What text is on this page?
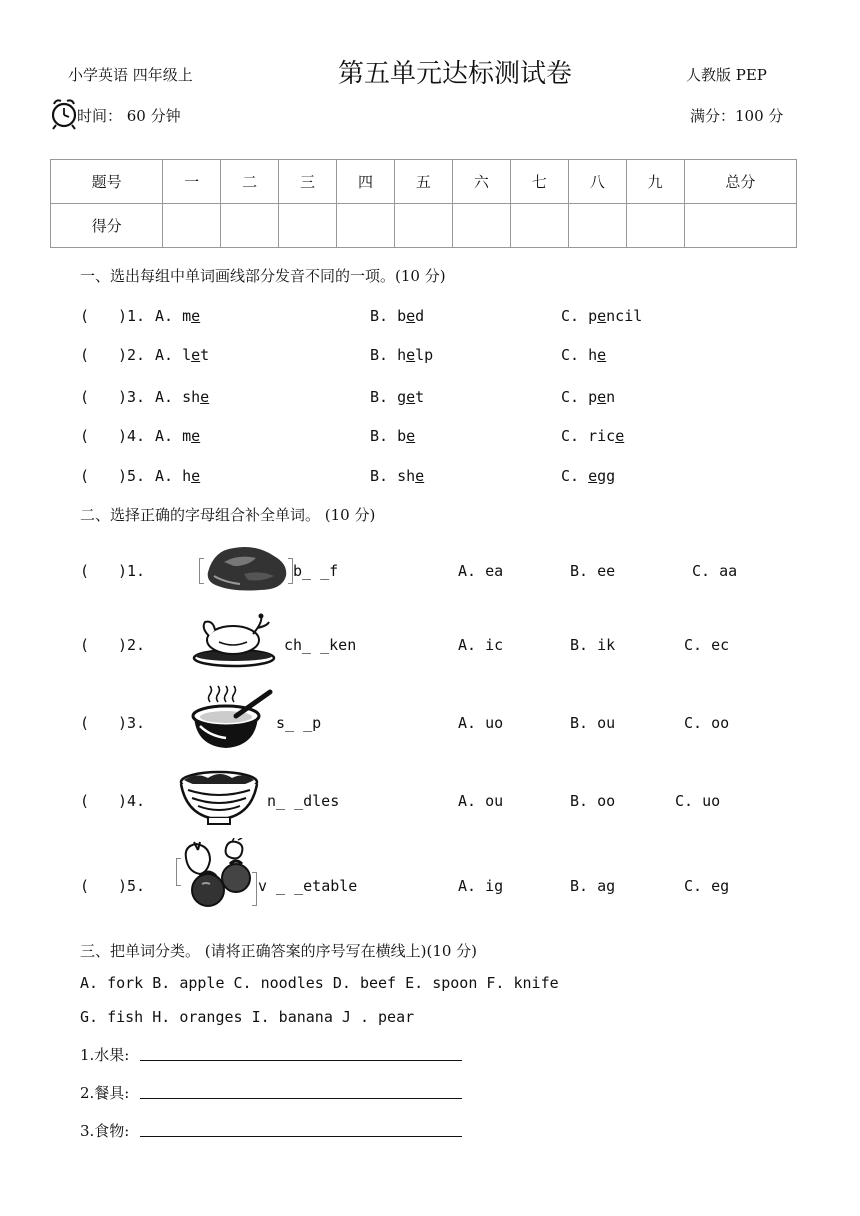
小学英语 四年级上	第五单元达标测试卷	人教版 PEP
时间： 60 分钟	满分：100 分
题号	一	二	三	四	五	六	七	八	九	总分
得分										
一、选出每组中单词画线部分发音不同的一项。(10 分)
( )1. A. me	B. bed	C. pencil
( )2. A. let	B. help	C. he
( )3. A. she	B. get	C. pen
( )4. A. me	B. be	C. rice
( )5. A. he	B. she	C. egg
二、选择正确的字母组合补全单词。 (10 分)
( )1.	b_ _f	A. ea	B. ee	C. aa
( )2.	ch_ _ken	A. ic	B. ik	C. ec
( )3.	s_ _p	A. uo	B. ou	C. oo
( )4.	n_ _dles	A. ou	B. oo	C. uo
( )5.	v _ _etable	A. ig	B. ag	C. eg
三、把单词分类。 (请将正确答案的序号写在横线上)(10 分)
A. fork B. apple C. noodles D. beef E. spoon F. knife
G. fish H. oranges I. banana J . pear
1.水果:
2.餐具:
3.食物:
